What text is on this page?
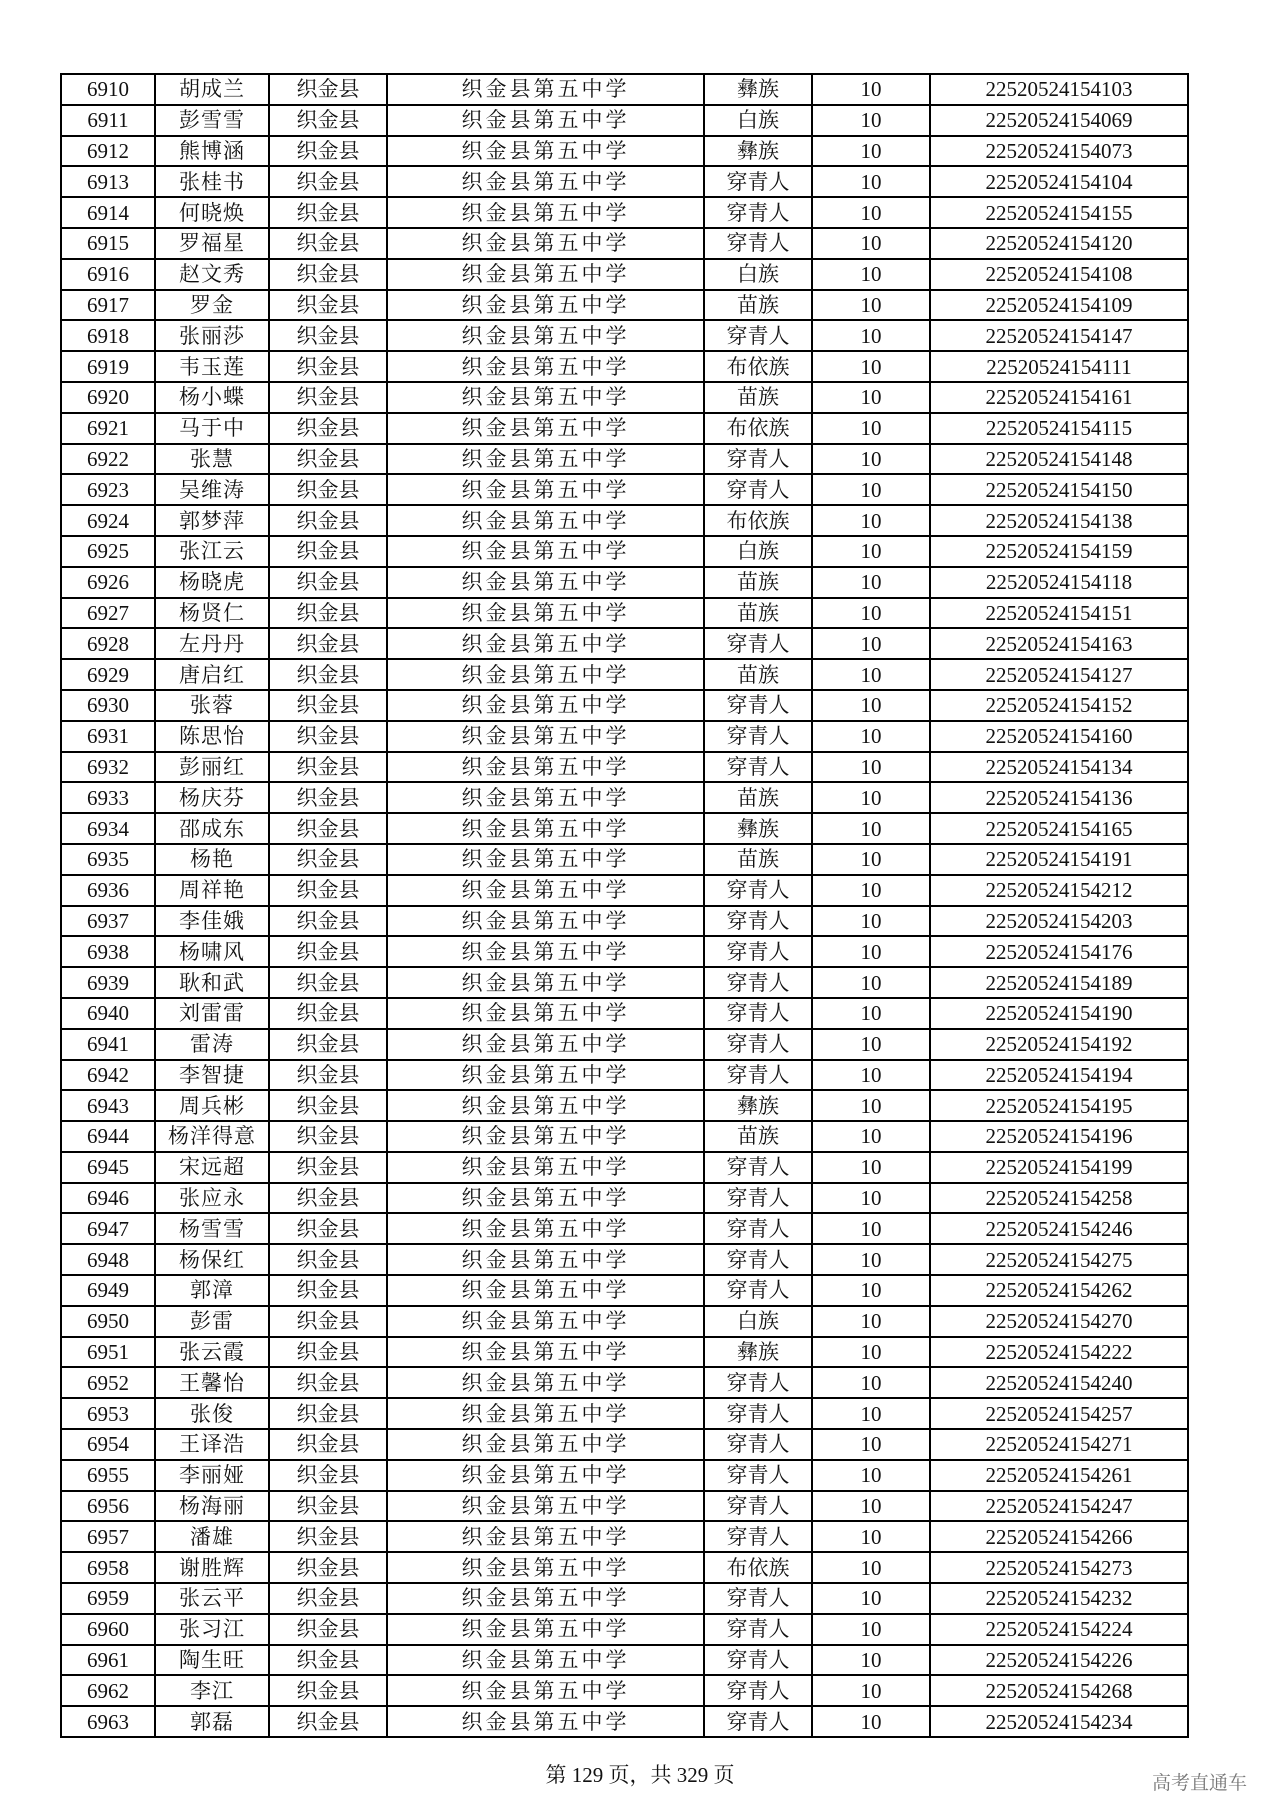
6910	胡成兰	织金县	织金县第五中学	彝族	10	22520524154103
6911	彭雪雪	织金县	织金县第五中学	白族	10	22520524154069
6912	熊博涵	织金县	织金县第五中学	彝族	10	22520524154073
6913	张桂书	织金县	织金县第五中学	穿青人	10	22520524154104
6914	何晓焕	织金县	织金县第五中学	穿青人	10	22520524154155
6915	罗福星	织金县	织金县第五中学	穿青人	10	22520524154120
6916	赵文秀	织金县	织金县第五中学	白族	10	22520524154108
6917	罗金	织金县	织金县第五中学	苗族	10	22520524154109
6918	张丽莎	织金县	织金县第五中学	穿青人	10	22520524154147
6919	韦玉莲	织金县	织金县第五中学	布依族	10	22520524154111
6920	杨小蝶	织金县	织金县第五中学	苗族	10	22520524154161
6921	马于中	织金县	织金县第五中学	布依族	10	22520524154115
6922	张慧	织金县	织金县第五中学	穿青人	10	22520524154148
6923	吴维涛	织金县	织金县第五中学	穿青人	10	22520524154150
6924	郭梦萍	织金县	织金县第五中学	布依族	10	22520524154138
6925	张江云	织金县	织金县第五中学	白族	10	22520524154159
6926	杨晓虎	织金县	织金县第五中学	苗族	10	22520524154118
6927	杨贤仁	织金县	织金县第五中学	苗族	10	22520524154151
6928	左丹丹	织金县	织金县第五中学	穿青人	10	22520524154163
6929	唐启红	织金县	织金县第五中学	苗族	10	22520524154127
6930	张蓉	织金县	织金县第五中学	穿青人	10	22520524154152
6931	陈思怡	织金县	织金县第五中学	穿青人	10	22520524154160
6932	彭丽红	织金县	织金县第五中学	穿青人	10	22520524154134
6933	杨庆芬	织金县	织金县第五中学	苗族	10	22520524154136
6934	邵成东	织金县	织金县第五中学	彝族	10	22520524154165
6935	杨艳	织金县	织金县第五中学	苗族	10	22520524154191
6936	周祥艳	织金县	织金县第五中学	穿青人	10	22520524154212
6937	李佳娥	织金县	织金县第五中学	穿青人	10	22520524154203
6938	杨啸风	织金县	织金县第五中学	穿青人	10	22520524154176
6939	耿和武	织金县	织金县第五中学	穿青人	10	22520524154189
6940	刘雷雷	织金县	织金县第五中学	穿青人	10	22520524154190
6941	雷涛	织金县	织金县第五中学	穿青人	10	22520524154192
6942	李智捷	织金县	织金县第五中学	穿青人	10	22520524154194
6943	周兵彬	织金县	织金县第五中学	彝族	10	22520524154195
6944	杨洋得意	织金县	织金县第五中学	苗族	10	22520524154196
6945	宋远超	织金县	织金县第五中学	穿青人	10	22520524154199
6946	张应永	织金县	织金县第五中学	穿青人	10	22520524154258
6947	杨雪雪	织金县	织金县第五中学	穿青人	10	22520524154246
6948	杨保红	织金县	织金县第五中学	穿青人	10	22520524154275
6949	郭漳	织金县	织金县第五中学	穿青人	10	22520524154262
6950	彭雷	织金县	织金县第五中学	白族	10	22520524154270
6951	张云霞	织金县	织金县第五中学	彝族	10	22520524154222
6952	王馨怡	织金县	织金县第五中学	穿青人	10	22520524154240
6953	张俊	织金县	织金县第五中学	穿青人	10	22520524154257
6954	王译浩	织金县	织金县第五中学	穿青人	10	22520524154271
6955	李丽娅	织金县	织金县第五中学	穿青人	10	22520524154261
6956	杨海丽	织金县	织金县第五中学	穿青人	10	22520524154247
6957	潘雄	织金县	织金县第五中学	穿青人	10	22520524154266
6958	谢胜辉	织金县	织金县第五中学	布依族	10	22520524154273
6959	张云平	织金县	织金县第五中学	穿青人	10	22520524154232
6960	张习江	织金县	织金县第五中学	穿青人	10	22520524154224
6961	陶生旺	织金县	织金县第五中学	穿青人	10	22520524154226
6962	李江	织金县	织金县第五中学	穿青人	10	22520524154268
6963	郭磊	织金县	织金县第五中学	穿青人	10	22520524154234
第 129 页，共 329 页	高考直通车
